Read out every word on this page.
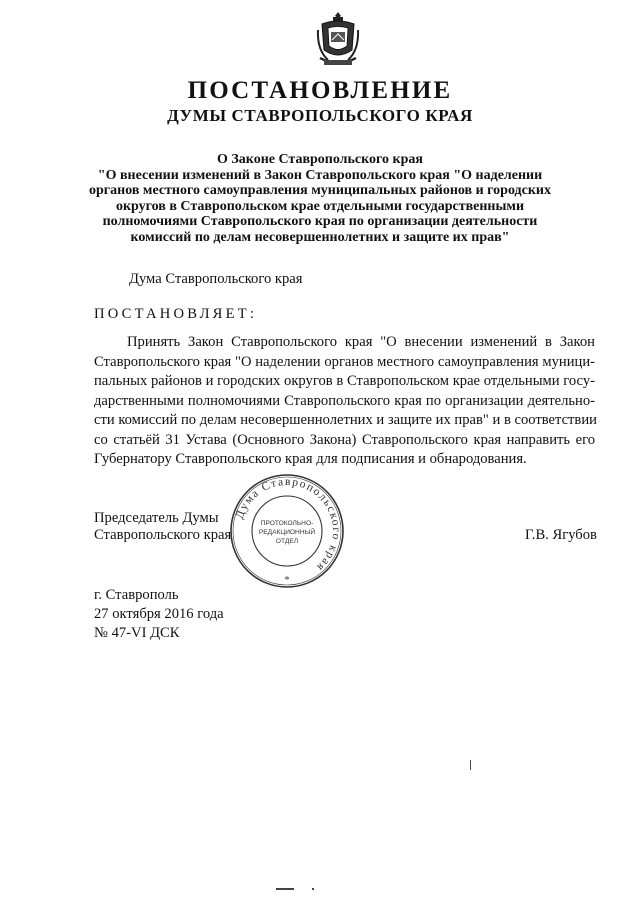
ПОСТАНОВЛЕНИЕ
ДУМЫ СТАВРОПОЛЬСКОГО КРАЯ
О Законе Ставропольского края
"О внесении изменений в Закон Ставропольского края "О наделении
органов местного самоуправления муниципальных районов и городских
округов в Ставропольском крае отдельными государственными
полномочиями Ставропольского края по организации деятельности
комиссий по делам несовершеннолетних и защите их прав"
Дума Ставропольского края
ПОСТАНОВЛЯЕТ:
Принять Закон Ставропольского края "О внесении изменений в Закон
Ставропольского края "О наделении органов местного самоуправления муници-
пальных районов и городских округов в Ставропольском крае отдельными госу-
дарственными полномочиями Ставропольского края по организации деятельно-
сти комиссий по делам несовершеннолетних и защите их прав" и в соответствии
со статьёй 31 Устава (Основного Закона) Ставропольского края направить его
Губернатору Ставропольского края для подписания и обнародования.
Председатель Думы
Ставропольского края	Г.В. Ягубов
Дума Ставропольского края
ПРОТОКОЛЬНО-
РЕДАКЦИОННЫЙ
ОТДЕЛ
*
г. Ставрополь
27 октября 2016 года
№ 47-VI ДСК
